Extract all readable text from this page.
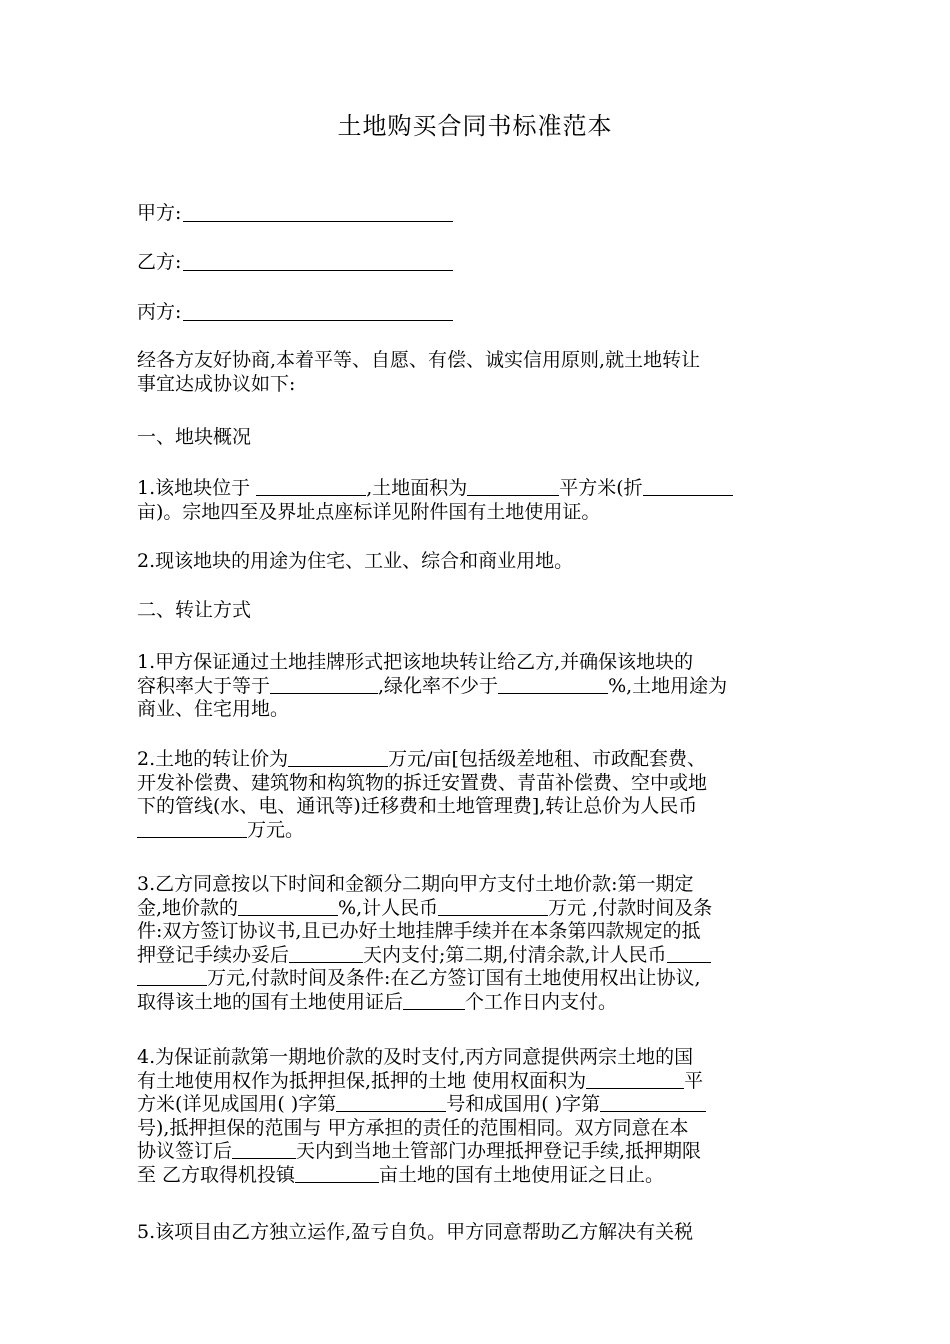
土地购买合同书标准范本
甲方:
乙方:
丙方:
经各方友好协商,本着平等、自愿、有偿、诚实信用原则,就土地转让
事宜达成协议如下:
一、地块概况
1.该地块位于	,土地面积为	平方米(折
亩)。宗地四至及界址点座标详见附件国有土地使用证。
2.现该地块的用途为住宅、工业、综合和商业用地。
二、转让方式
1.甲方保证通过土地挂牌形式把该地块转让给乙方,并确保该地块的
容积率大于等于	,绿化率不少于	%,土地用途为
商业、住宅用地。
2.土地的转让价为	万元/亩[包括级差地租、市政配套费、
开发补偿费、建筑物和构筑物的拆迁安置费、青苗补偿费、空中或地
下的管线(水、电、通讯等)迁移费和土地管理费],转让总价为人民币
万元。
3.乙方同意按以下时间和金额分二期向甲方支付土地价款:第一期定
金,地价款的	%,计人民币	万元 ,付款时间及条
件:双方签订协议书,且已办好土地挂牌手续并在本条第四款规定的抵
押登记手续办妥后	天内支付;第二期,付清余款,计人民币
万元,付款时间及条件:在乙方签订国有土地使用权出让协议,
取得该土地的国有土地使用证后	个工作日内支付。
4.为保证前款第一期地价款的及时支付,丙方同意提供两宗土地的国
有土地使用权作为抵押担保,抵押的土地 使用权面积为	平
方米(详见成国用( )字第	号和成国用( )字第
号),抵押担保的范围与 甲方承担的责任的范围相同。双方同意在本
协议签订后	天内到当地土管部门办理抵押登记手续,抵押期限
至 乙方取得机投镇	亩土地的国有土地使用证之日止。
5.该项目由乙方独立运作,盈亏自负。甲方同意帮助乙方解决有关税
